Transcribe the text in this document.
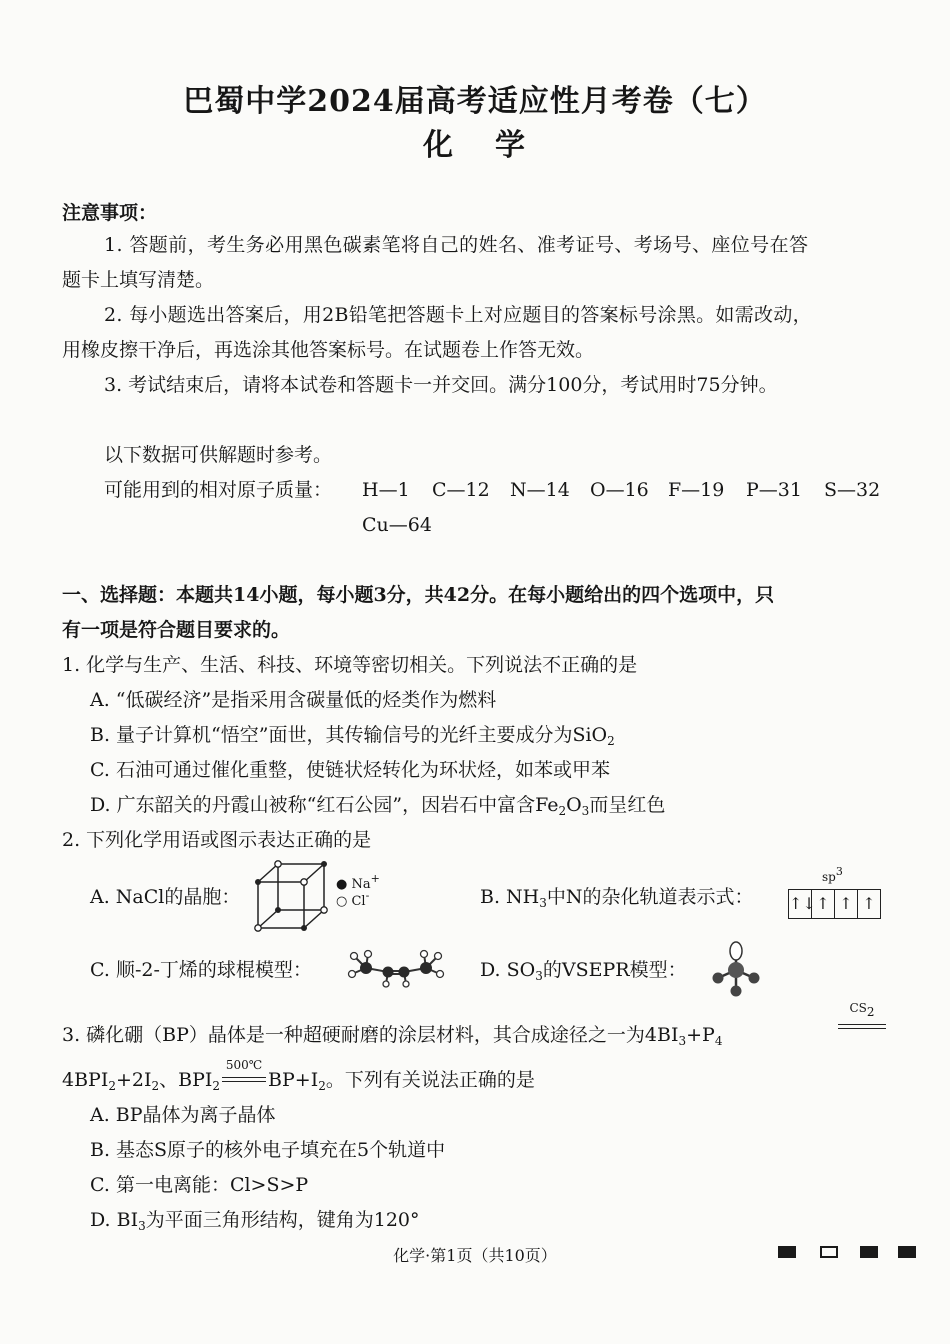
巴蜀中学2024届高考适应性月考卷（七）
化学
注意事项：
1. 答题前，考生务必用黑色碳素笔将自己的姓名、准考证号、考场号、座位号在答
题卡上填写清楚。
2. 每小题选出答案后，用2B铅笔把答题卡上对应题目的答案标号涂黑。如需改动，
用橡皮擦干净后，再选涂其他答案标号。在试题卷上作答无效。
3. 考试结束后，请将本试卷和答题卡一并交回。满分100分，考试用时75分钟。
以下数据可供解题时参考。
可能用到的相对原子质量： H—1 C—12 N—14 O—16 F—19 P—31 S—32
Cu—64
一、选择题：本题共14小题，每小题3分，共42分。在每小题给出的四个选项中，只
有一项是符合题目要求的。
1. 化学与生产、生活、科技、环境等密切相关。下列说法不正确的是
A. “低碳经济”是指采用含碳量低的烃类作为燃料
B. 量子计算机“悟空”面世，其传输信号的光纤主要成分为SiO$_2$
C. 石油可通过催化重整，使链状烃转化为环状烃，如苯或甲苯
D. 广东韶关的丹霞山被称“红石公园”，因岩石中富含$Fe_2O_3$而呈红色
2. 下列化学用语或图示表达正确的是
A. NaCl的晶胞：
● Na+
○ Cl-	B. $NH_3$中N的杂化轨道表示式：
$sp^3$
↑↓ ↑ ↑ ↑
C. 顺-2-丁烯的球棍模型：	D. $SO_3$的VSEPR模型：
3. 磷化硼（BP）晶体是一种超硬耐磨的涂层材料，其合成途径之一为$4BI_3+P_4$
$CS_2$
$4BPI_2+2I_2$、$BPI_2$
500℃
$BP+I_2$。下列有关说法正确的是
A. BP晶体为离子晶体
B. 基态S原子的核外电子填充在5个轨道中
C. 第一电离能：Cl>S>P
D. $BI_3$为平面三角形结构，键角为120°
化学·第1页（共10页）
